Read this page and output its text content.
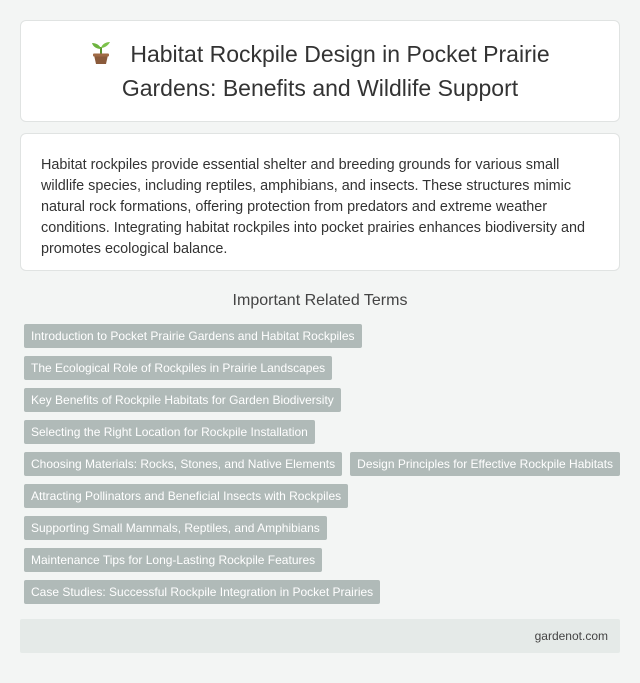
Habitat Rockpile Design in Pocket Prairie Gardens: Benefits and Wildlife Support

Habitat rockpiles provide essential shelter and breeding grounds for various small wildlife species, including reptiles, amphibians, and insects. These structures mimic natural rock formations, offering protection from predators and extreme weather conditions. Integrating habitat rockpiles into pocket prairies enhances biodiversity and promotes ecological balance.

Important Related Terms
Introduction to Pocket Prairie Gardens and Habitat Rockpiles
The Ecological Role of Rockpiles in Prairie Landscapes
Key Benefits of Rockpile Habitats for Garden Biodiversity
Selecting the Right Location for Rockpile Installation
Choosing Materials: Rocks, Stones, and Native Elements	Design Principles for Effective Rockpile Habitats
Attracting Pollinators and Beneficial Insects with Rockpiles
Supporting Small Mammals, Reptiles, and Amphibians
Maintenance Tips for Long-Lasting Rockpile Features
Case Studies: Successful Rockpile Integration in Pocket Prairies
gardenot.com
